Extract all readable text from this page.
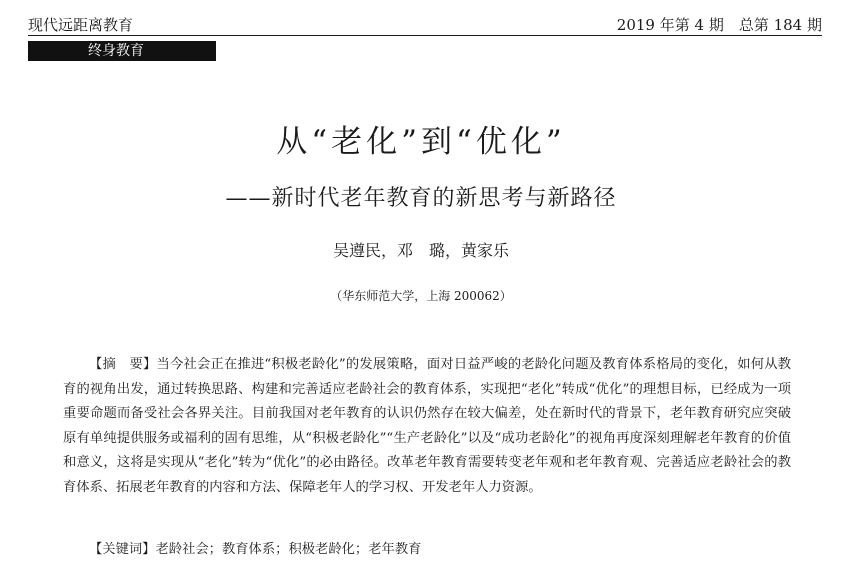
现代远距离教育	2019 年第 4 期　总第 184 期
终身教育
从“老化”到“优化”
——新时代老年教育的新思考与新路径
吴遵民，邓　璐，黄家乐
（华东师范大学，上海 200062）

【摘　要】当今社会正在推进“积极老龄化”的发展策略，面对日益严峻的老龄化问题及教育体系格局的变化，如何从教育的视角出发，通过转换思路、构建和完善适应老龄社会的教育体系，实现把“老化”转成“优化”的理想目标，已经成为一项重要命题而备受社会各界关注。目前我国对老年教育的认识仍然存在较大偏差，处在新时代的背景下，老年教育研究应突破原有单纯提供服务或福利的固有思维，从“积极老龄化”“生产老龄化”以及“成功老龄化”的视角再度深刻理解老年教育的价值和意义，这将是实现从“老化”转为“优化”的必由路径。改革老年教育需要转变老年观和老年教育观、完善适应老龄社会的教育体系、拓展老年教育的内容和方法、保障老年人的学习权、开发老年人力资源。

【关键词】老龄社会；教育体系；积极老龄化；老年教育
